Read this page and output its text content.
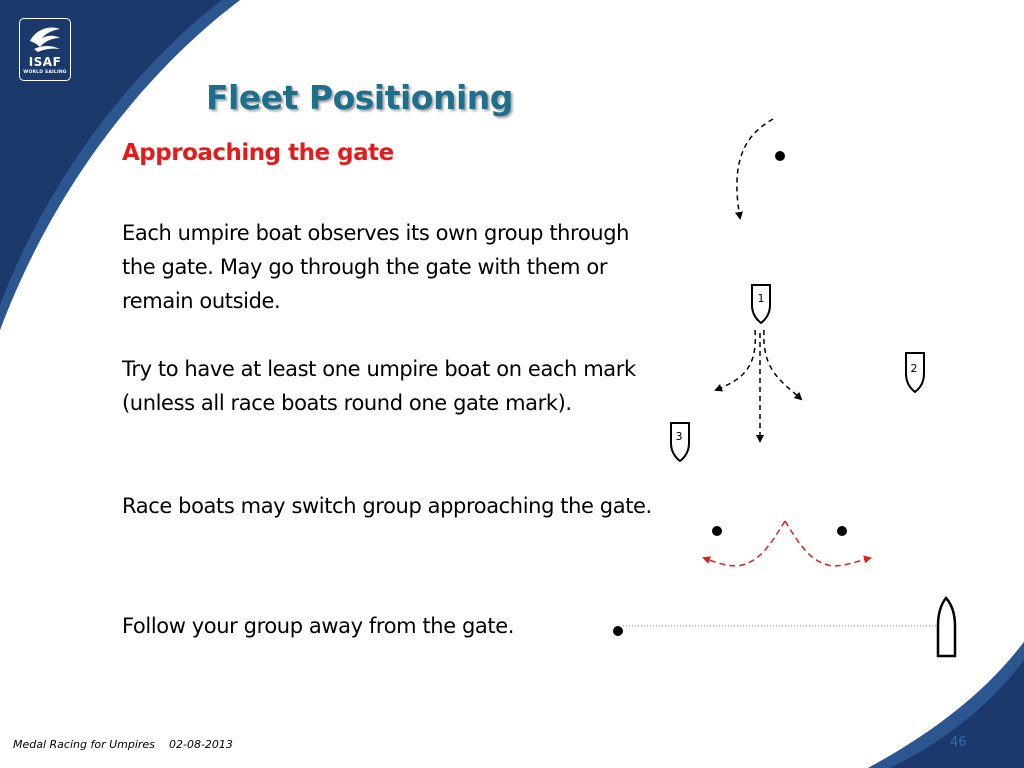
ISAF
WORLD SAILING
Fleet Positioning
Approaching the gate

Each umpire boat observes its own group through the gate. May go through the gate with them or remain outside.

Try to have at least one umpire boat on each mark (unless all race boats round one gate mark).

Race boats may switch group approaching the gate.

Follow your group away from the gate.

1
2
3

Medal Racing for Umpires 02-08-2013	46
